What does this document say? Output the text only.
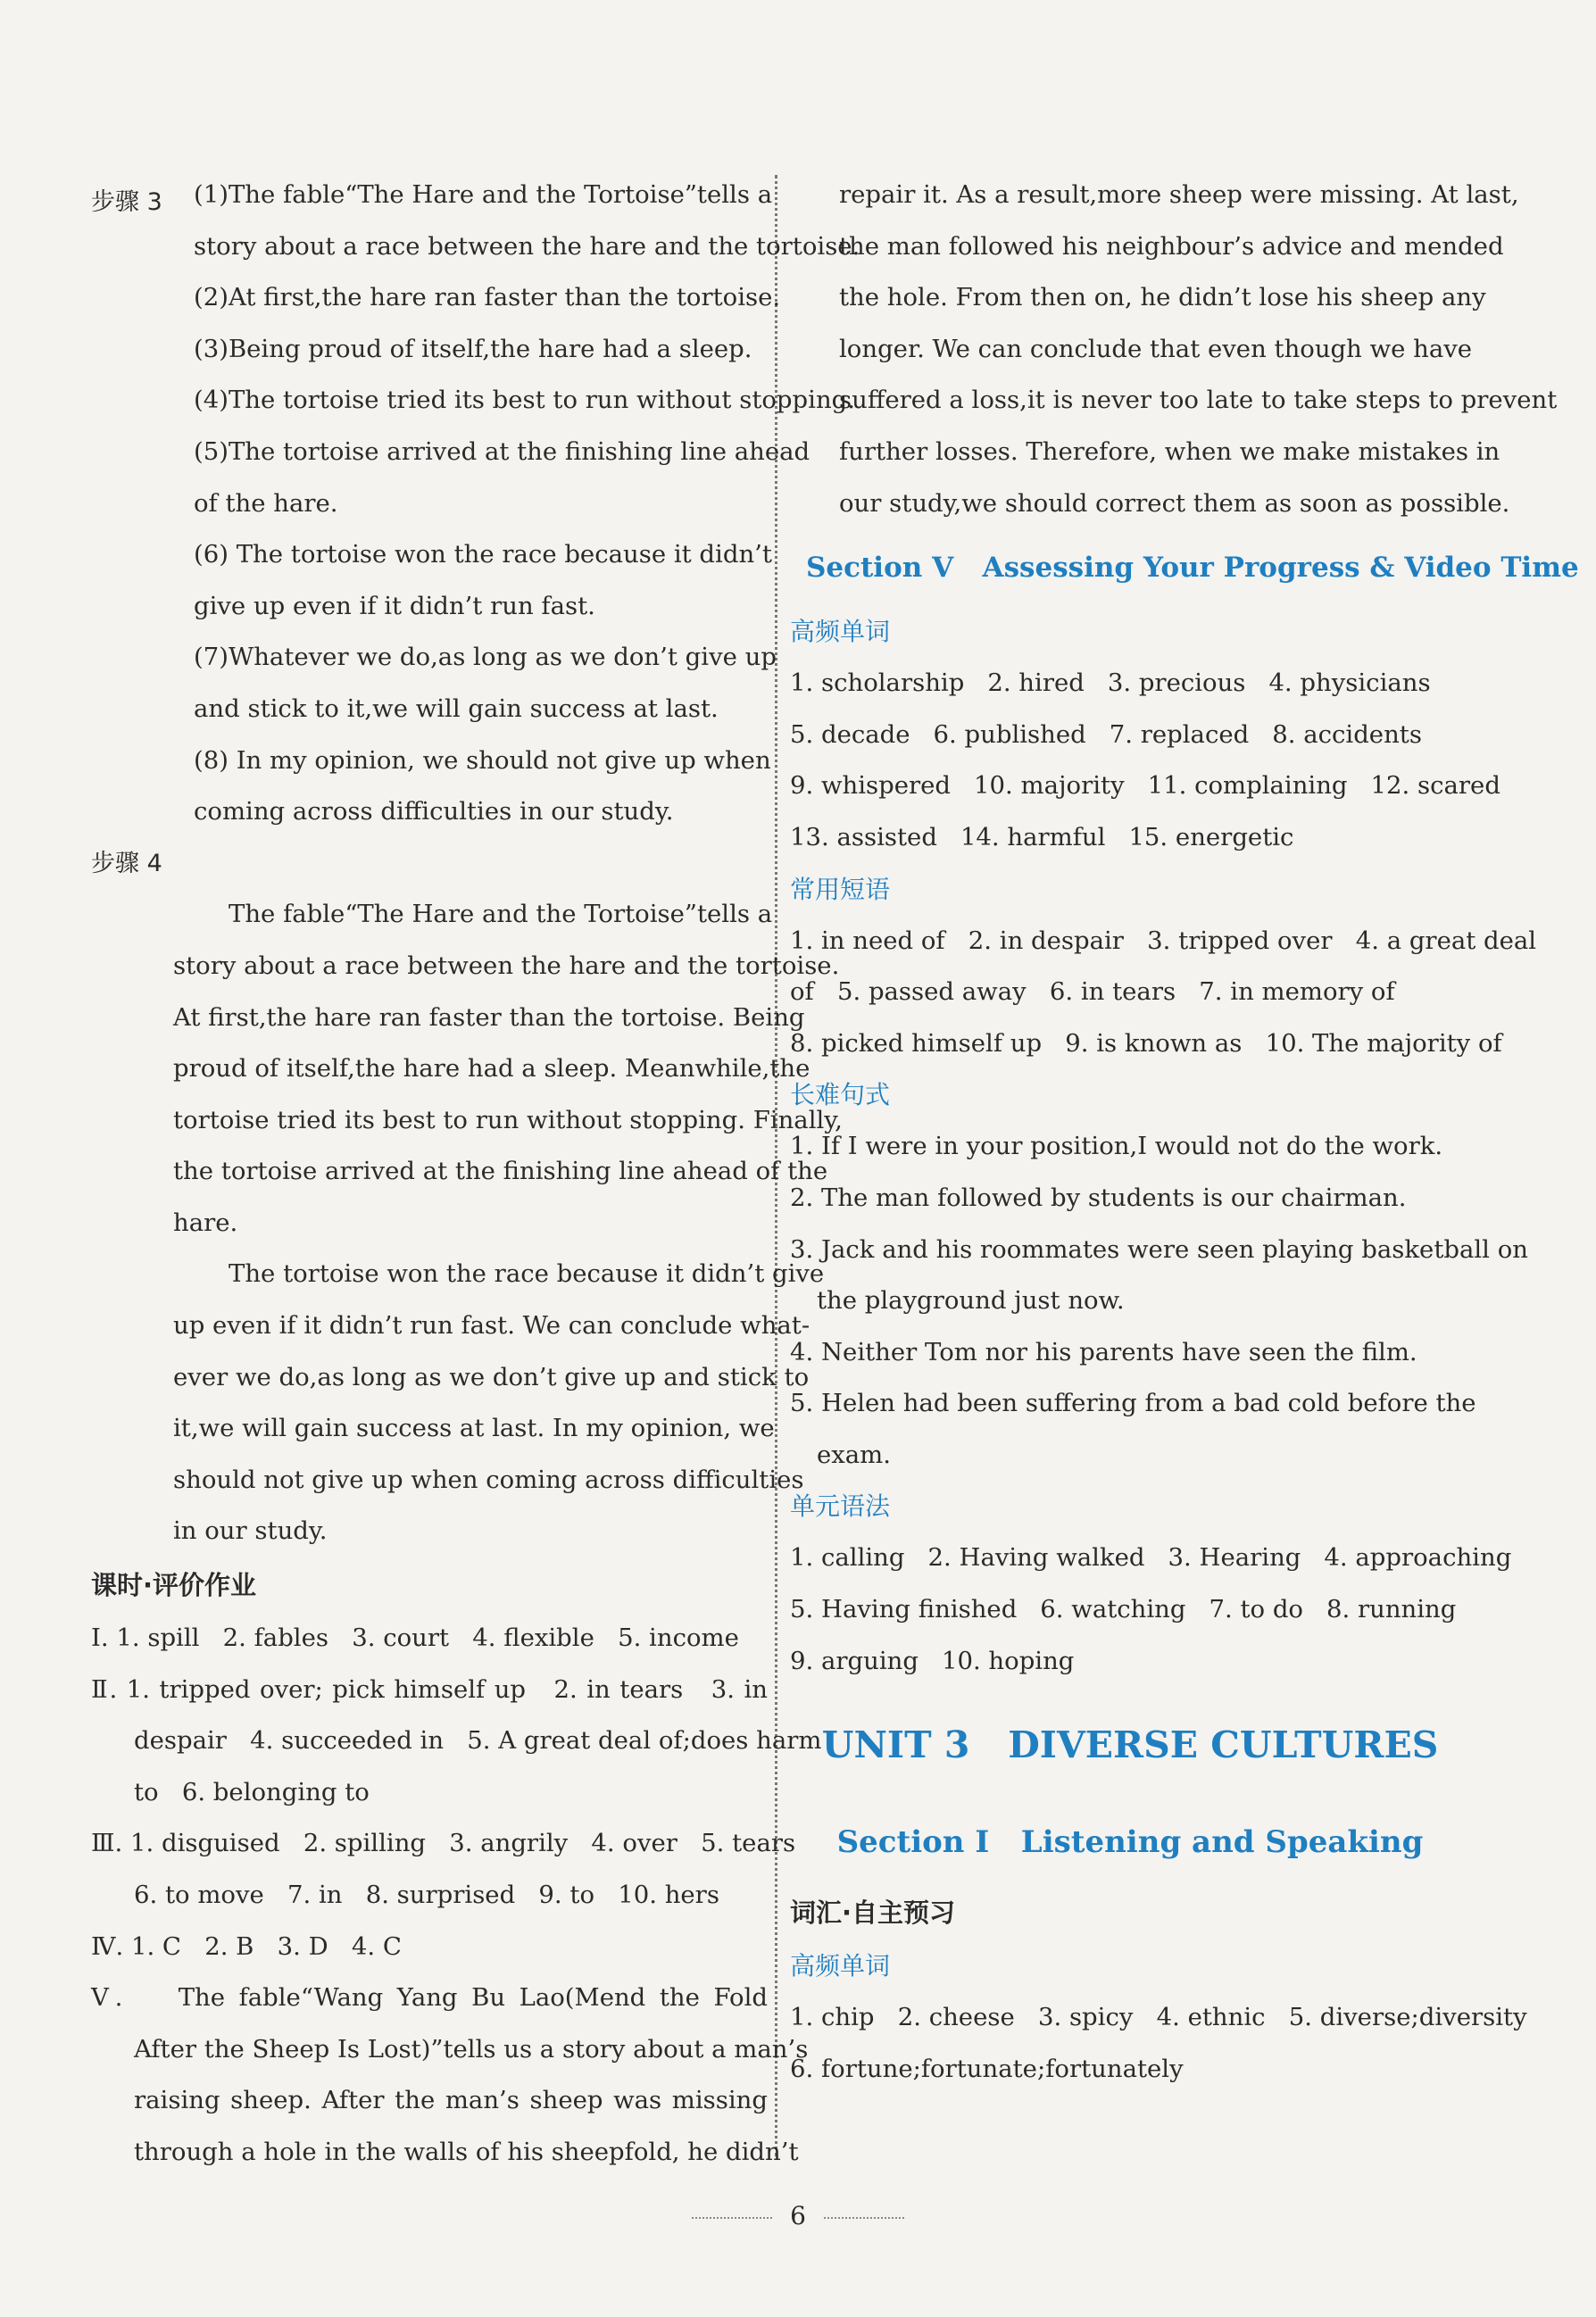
步骤 3	(1)The fable“The Hare and the Tortoise”tells a
story about a race between the hare and the tortoise.
(2)At first,the hare ran faster than the tortoise.
(3)Being proud of itself,the hare had a sleep.
(4)The tortoise tried its best to run without stopping.
(5)The tortoise arrived at the finishing line ahead
of the hare.
(6) The tortoise won the race because it didn’t
give up even if it didn’t run fast.
(7)Whatever we do,as long as we don’t give up
and stick to it,we will gain success at last.
(8) In my opinion, we should not give up when
coming across difficulties in our study.
步骤 4
The fable“The Hare and the Tortoise”tells a
story about a race between the hare and the tortoise.
At first,the hare ran faster than the tortoise. Being
proud of itself,the hare had a sleep. Meanwhile,the
tortoise tried its best to run without stopping. Finally,
the tortoise arrived at the finishing line ahead of the
hare.
The tortoise won the race because it didn’t give
up even if it didn’t run fast. We can conclude what-
ever we do,as long as we don’t give up and stick to
it,we will gain success at last. In my opinion, we
should not give up when coming across difficulties
in our study.
课时·评价作业
Ⅰ. 1. spill   2. fables   3. court   4. flexible   5. income
Ⅱ. 1. tripped over; pick himself up   2. in tears   3. in
despair   4. succeeded in   5. A great deal of;does harm
to   6. belonging to
Ⅲ. 1. disguised   2. spilling   3. angrily   4. over   5. tears
6. to move   7. in   8. surprised   9. to   10. hers
Ⅳ. 1. C   2. B   3. D   4. C
Ⅴ.    The fable“Wang Yang Bu Lao(Mend the Fold
After the Sheep Is Lost)”tells us a story about a man’s
raising sheep. After the man’s sheep was missing
through a hole in the walls of his sheepfold, he didn’t
repair it. As a result,more sheep were missing. At last,
the man followed his neighbour’s advice and mended
the hole. From then on, he didn’t lose his sheep any
longer. We can conclude that even though we have
suffered a loss,it is never too late to take steps to prevent
further losses. Therefore, when we make mistakes in
our study,we should correct them as soon as possible.
Section Ⅴ   Assessing Your Progress & Video Time
高频单词
1. scholarship 2. hired 3. precious 4. physicians
5. decade 6. published 7. replaced 8. accidents
9. whispered 10. majority 11. complaining 12. scared
13. assisted 14. harmful 15. energetic
常用短语
1. in need of   2. in despair   3. tripped over   4. a great deal
of   5. passed away   6. in tears   7. in memory of
8. picked himself up   9. is known as   10. The majority of
长难句式
1. If I were in your position,I would not do the work.
2. The man followed by students is our chairman.
3. Jack and his roommates were seen playing basketball on
the playground just now.
4. Neither Tom nor his parents have seen the film.
5. Helen had been suffering from a bad cold before the
exam.
单元语法
1. calling 2. Having walked 3. Hearing 4. approaching
5. Having finished 6. watching 7. to do 8. running
9. arguing 10. hoping
UNIT 3   DIVERSE CULTURES
Section Ⅰ   Listening and Speaking
词汇·自主预习
高频单词
1. chip   2. cheese   3. spicy   4. ethnic   5. diverse;diversity
6. fortune;fortunate;fortunately
6
